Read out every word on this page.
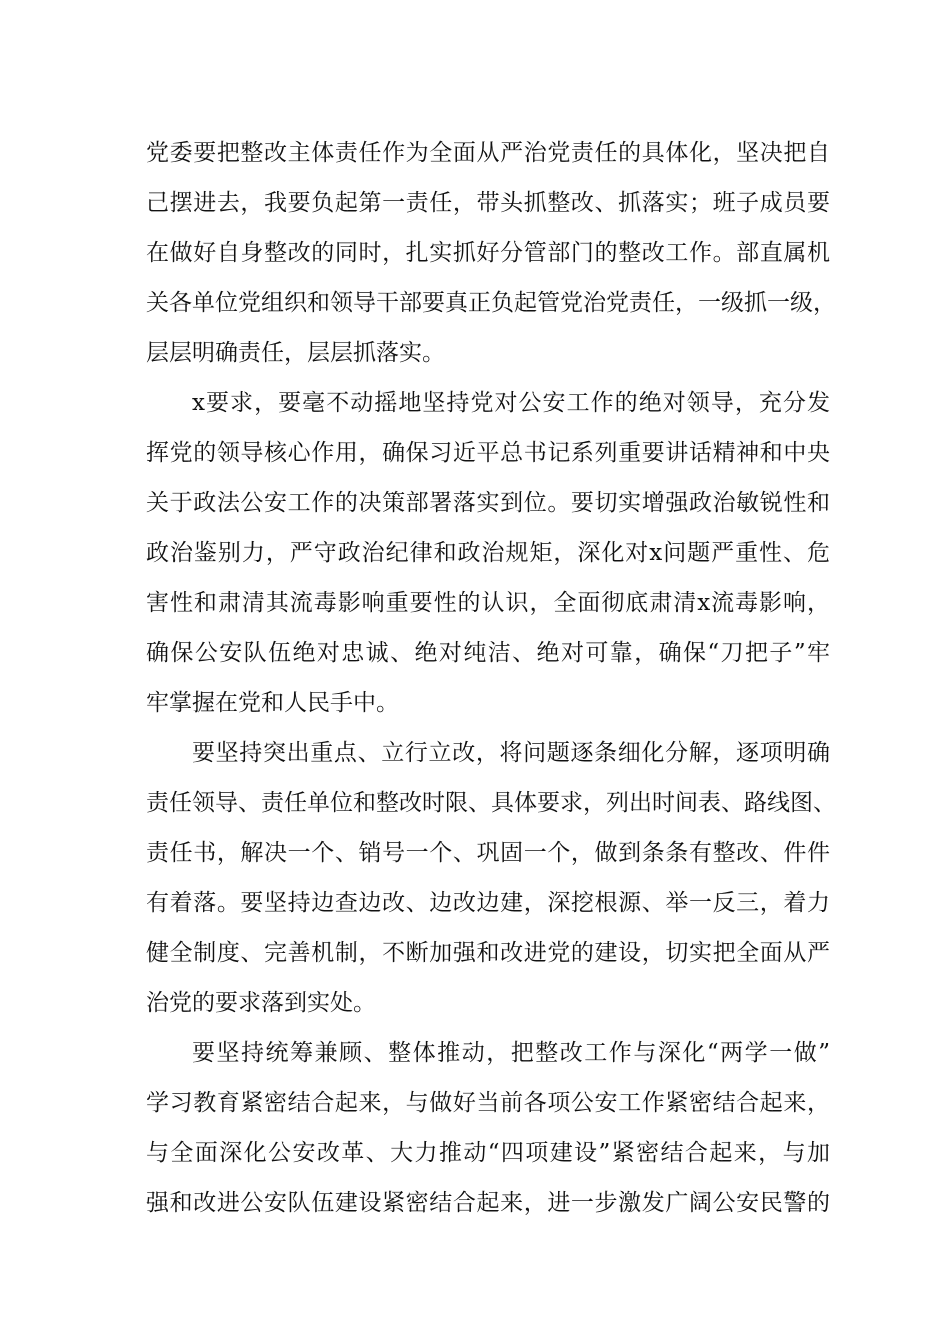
党委要把整改主体责任作为全面从严治党责任的具体化，坚决把自
己摆进去，我要负起第一责任，带头抓整改、抓落实；班子成员要
在做好自身整改的同时，扎实抓好分管部门的整改工作。部直属机
关各单位党组织和领导干部要真正负起管党治党责任，一级抓一级，
层层明确责任，层层抓落实。
x要求，要毫不动摇地坚持党对公安工作的绝对领导，充分发
挥党的领导核心作用，确保习近平总书记系列重要讲话精神和中央
关于政法公安工作的决策部署落实到位。要切实增强政治敏锐性和
政治鉴别力，严守政治纪律和政治规矩，深化对x问题严重性、危
害性和肃清其流毒影响重要性的认识，全面彻底肃清x流毒影响，
确保公安队伍绝对忠诚、绝对纯洁、绝对可靠，确保“刀把子”牢
牢掌握在党和人民手中。
要坚持突出重点、立行立改，将问题逐条细化分解，逐项明确
责任领导、责任单位和整改时限、具体要求，列出时间表、路线图、
责任书，解决一个、销号一个、巩固一个，做到条条有整改、件件
有着落。要坚持边查边改、边改边建，深挖根源、举一反三，着力
健全制度、完善机制，不断加强和改进党的建设，切实把全面从严
治党的要求落到实处。
要坚持统筹兼顾、整体推动，把整改工作与深化“两学一做”
学习教育紧密结合起来，与做好当前各项公安工作紧密结合起来，
与全面深化公安改革、大力推动“四项建设”紧密结合起来，与加
强和改进公安队伍建设紧密结合起来，进一步激发广阔公安民警的
